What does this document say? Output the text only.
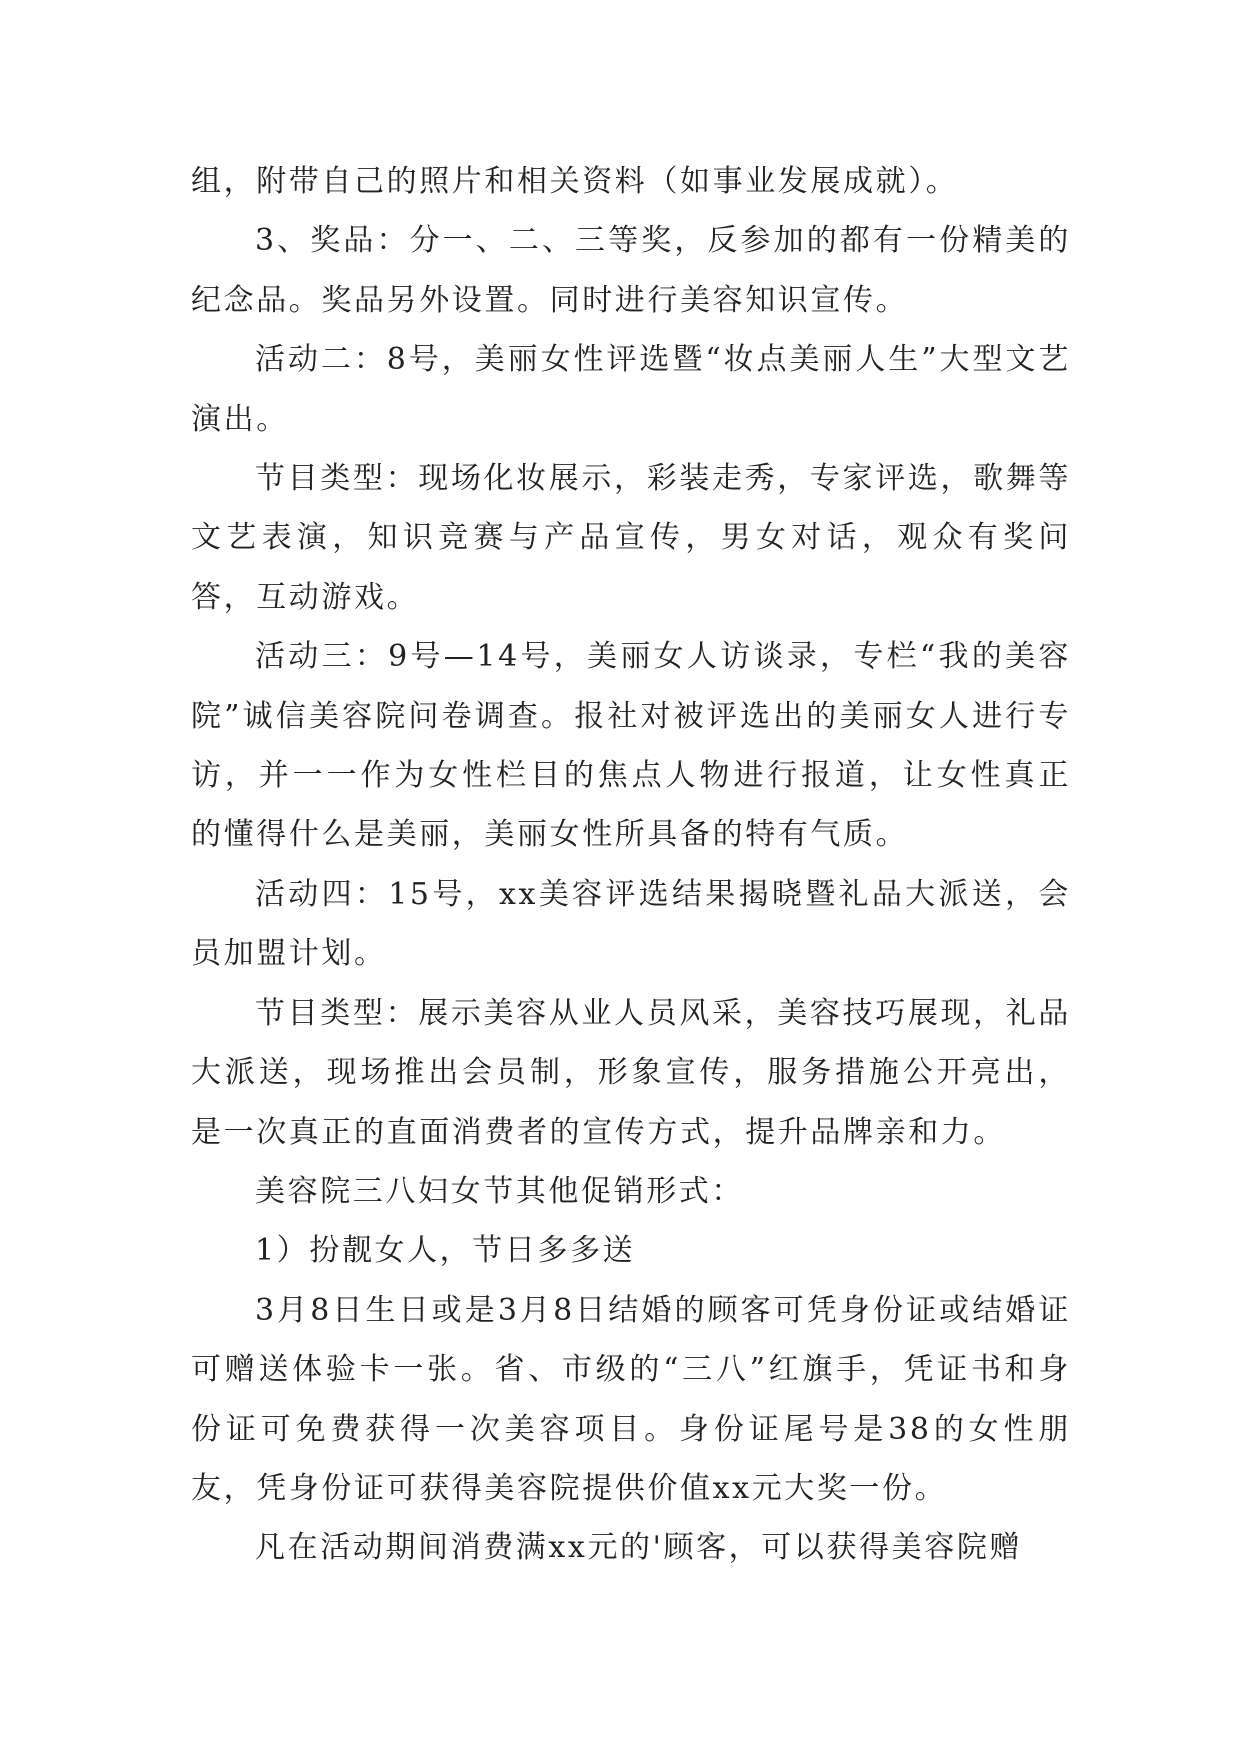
组，附带自己的照片和相关资料（如事业发展成就）。

3、奖品：分一、二、三等奖，反参加的都有一份精美的纪念品。奖品另外设置。同时进行美容知识宣传。

活动二：8号，美丽女性评选暨“妆点美丽人生”大型文艺演出。

节目类型：现场化妆展示，彩装走秀，专家评选，歌舞等文艺表演，知识竞赛与产品宣传，男女对话，观众有奖问答，互动游戏。

活动三：9号—14号，美丽女人访谈录，专栏“我的美容院”诚信美容院问卷调查。报社对被评选出的美丽女人进行专访，并一一作为女性栏目的焦点人物进行报道，让女性真正的懂得什么是美丽，美丽女性所具备的特有气质。

活动四：15号，xx美容评选结果揭晓暨礼品大派送，会员加盟计划。

节目类型：展示美容从业人员风采，美容技巧展现，礼品大派送，现场推出会员制，形象宣传，服务措施公开亮出，是一次真正的直面消费者的宣传方式，提升品牌亲和力。

美容院三八妇女节其他促销形式：

1）扮靓女人，节日多多送

3月8日生日或是3月8日结婚的顾客可凭身份证或结婚证可赠送体验卡一张。省、市级的“三八”红旗手，凭证书和身份证可免费获得一次美容项目。身份证尾号是38的女性朋友，凭身份证可获得美容院提供价值xx元大奖一份。

凡在活动期间消费满xx元的'顾客，可以获得美容院赠
